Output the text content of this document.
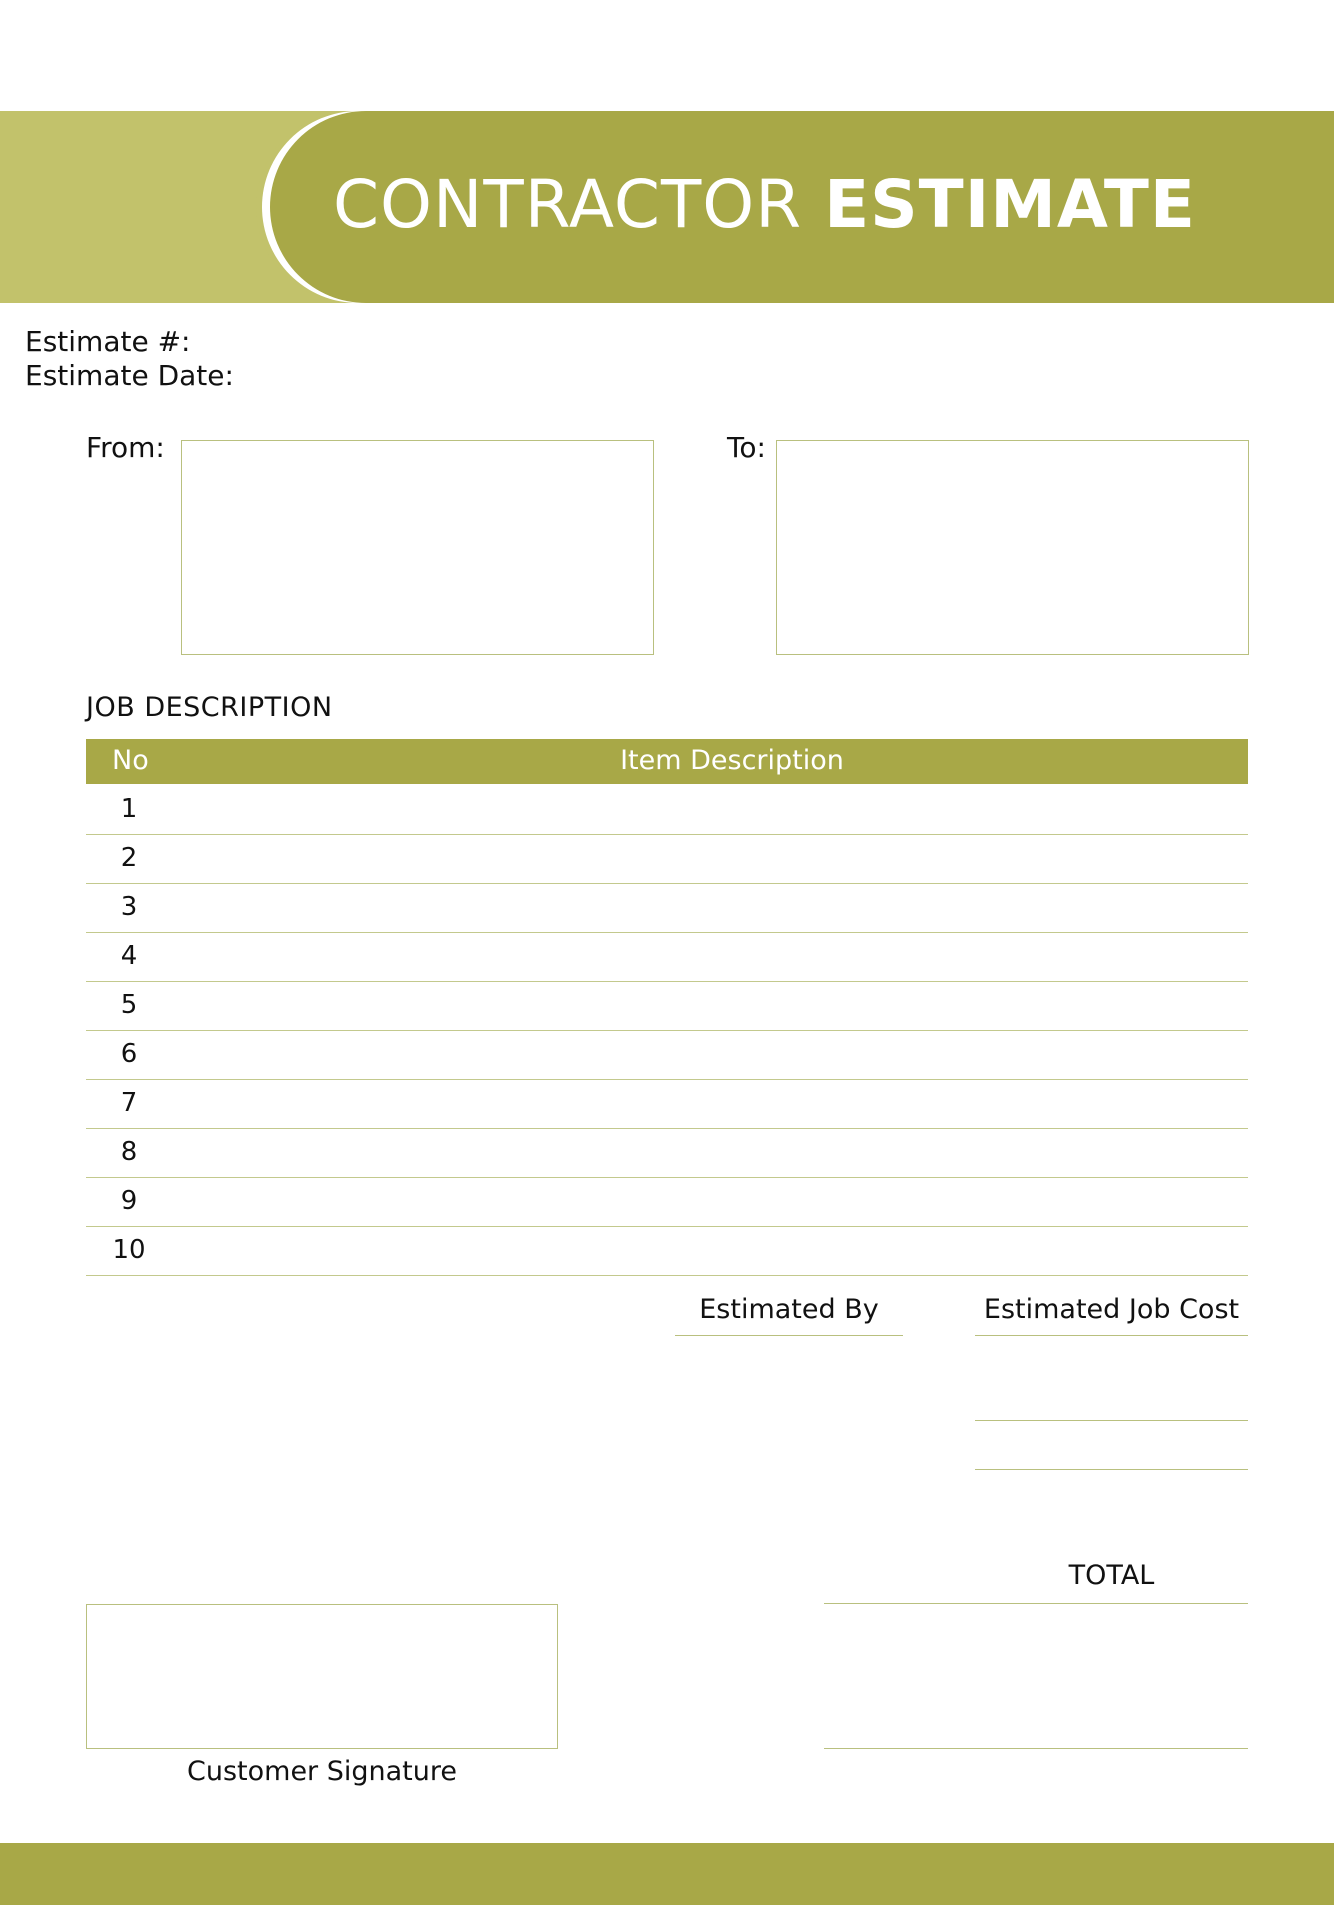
CONTRACTOR ESTIMATE
Estimate #:
Estimate Date:
From:	To:
JOB DESCRIPTION
No	Item Description
1
2
3
4
5
6
7
8
9
10
Estimated By	Estimated Job Cost
TOTAL
Customer Signature
